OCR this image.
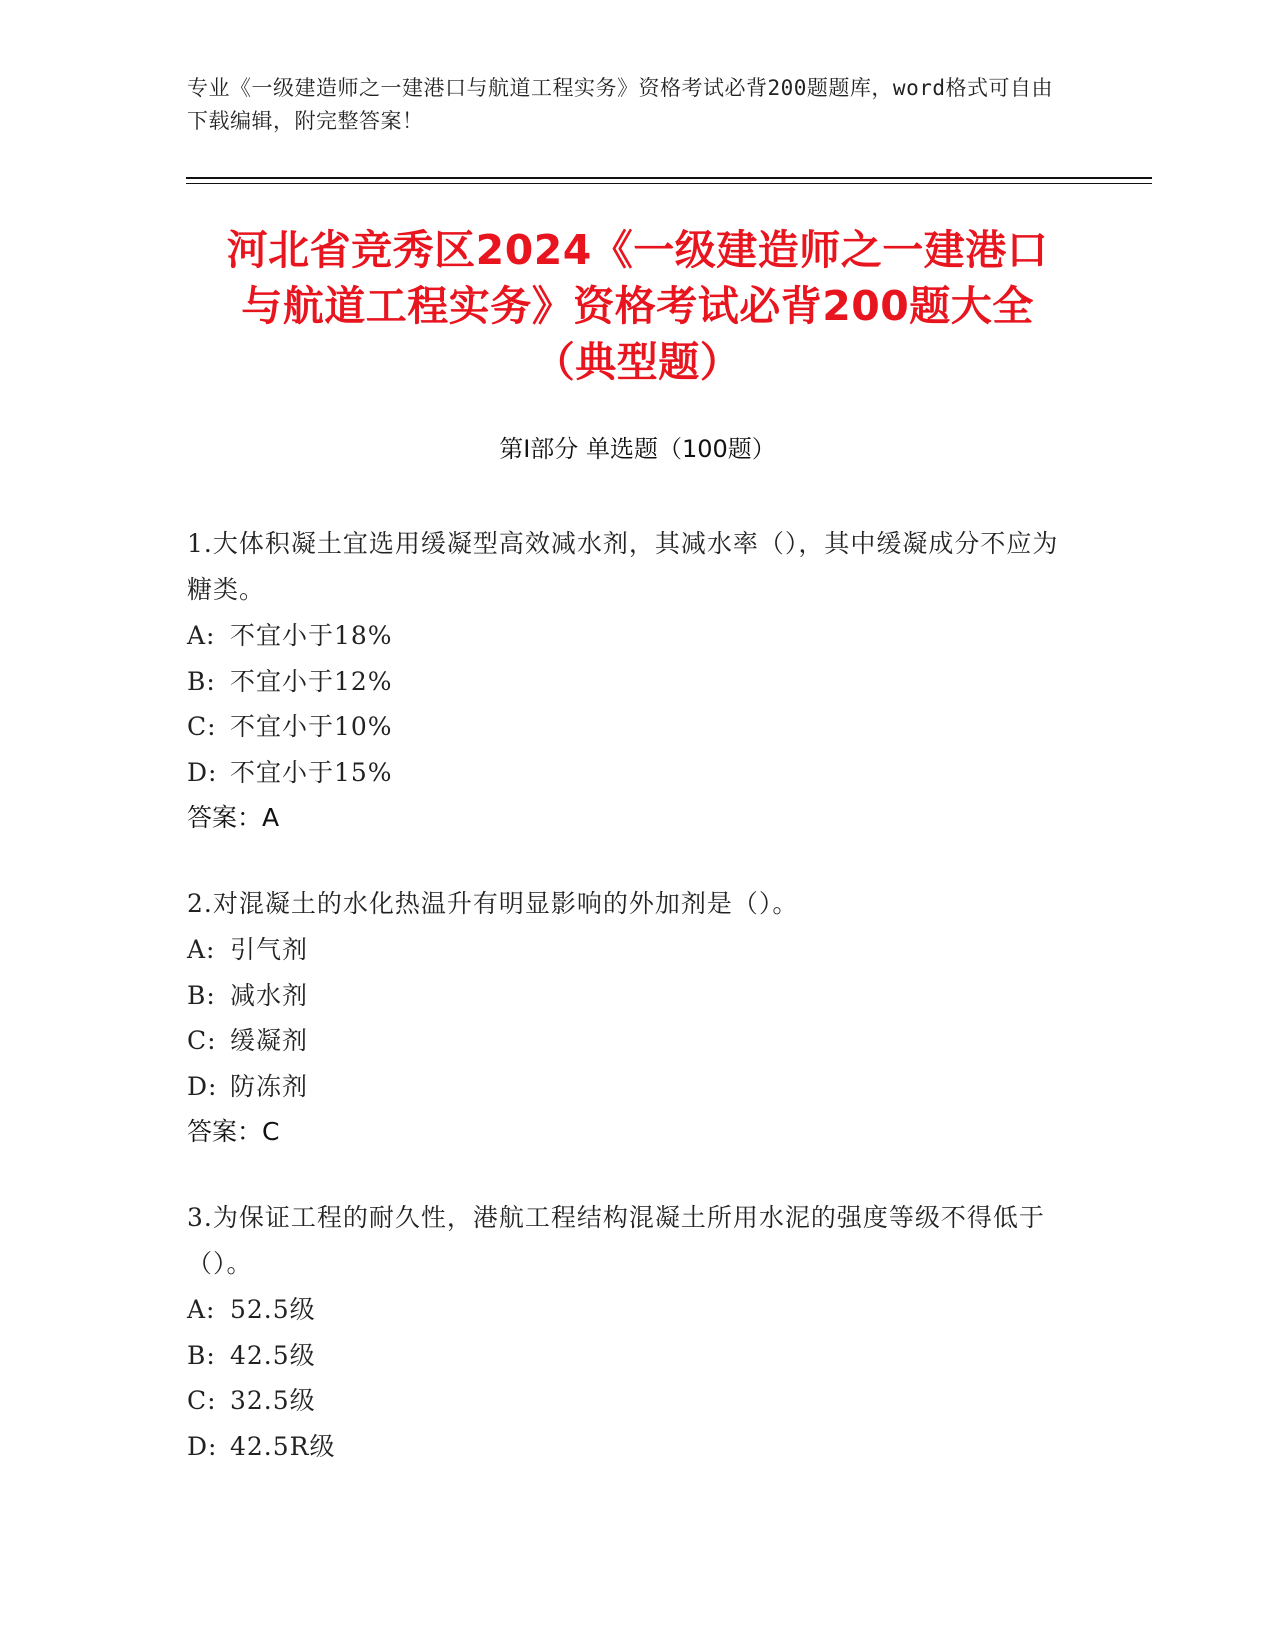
专业《一级建造师之一建港口与航道工程实务》资格考试必背200题题库，word格式可自由下载编辑，附完整答案！
河北省竞秀区2024《一级建造师之一建港口
与航道工程实务》资格考试必背200题大全
（典型题）
第Ⅰ部分 单选题（100题）
1.大体积凝土宜选用缓凝型高效减水剂，其减水率（），其中缓凝成分不应为糖类。
A: 不宜小于18%
B: 不宜小于12%
C: 不宜小于10%
D: 不宜小于15%
答案：A
2.对混凝土的水化热温升有明显影响的外加剂是（）。
A: 引气剂
B: 减水剂
C: 缓凝剂
D: 防冻剂
答案：C
3.为保证工程的耐久性，港航工程结构混凝土所用水泥的强度等级不得低于（）。
A: 52.5级
B: 42.5级
C: 32.5级
D: 42.5R级
